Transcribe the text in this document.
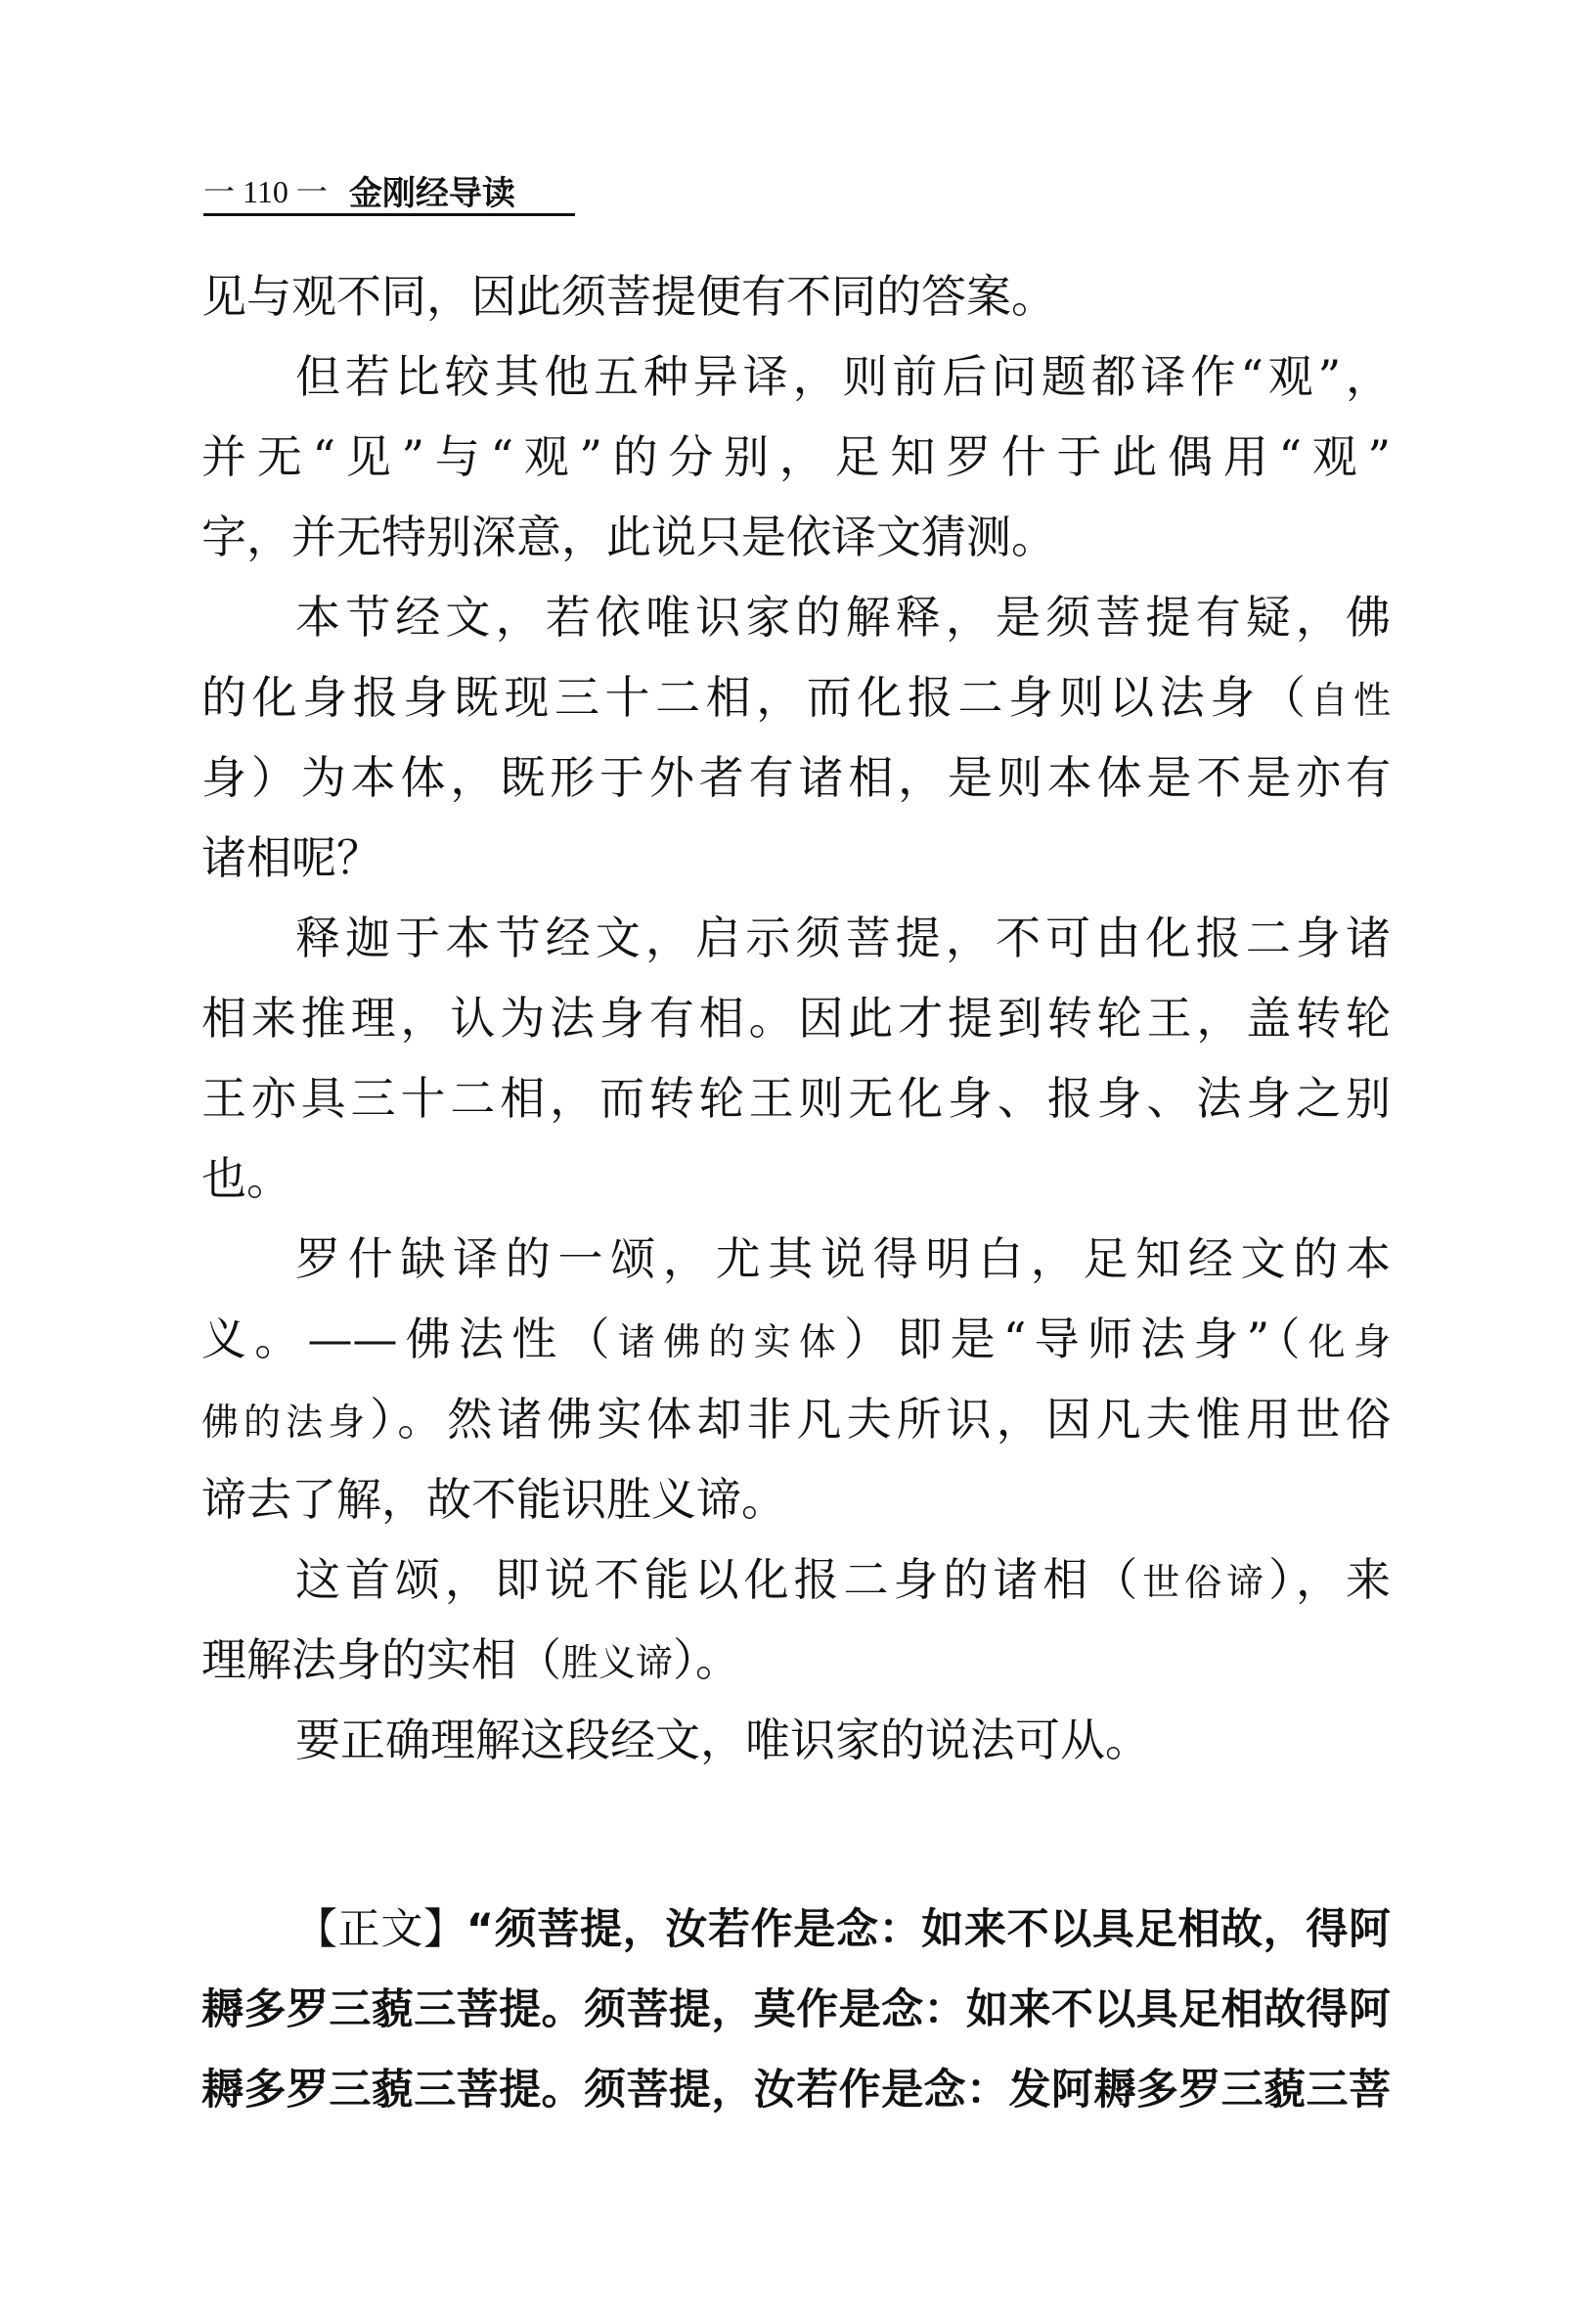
一 110 一 金刚经导读
见与观不同，因此须菩提便有不同的答案。
但若比较其他五种异译，则前后问题都译作“观”，
并无“见”与“观”的分别，足知罗什于此偶用“观”
字，并无特别深意，此说只是依译文猜测。
本节经文，若依唯识家的解释，是须菩提有疑，佛
的化身报身既现三十二相，而化报二身则以法身（自性
身）为本体，既形于外者有诸相，是则本体是不是亦有
诸相呢？
释迦于本节经文，启示须菩提，不可由化报二身诸
相来推理，认为法身有相。因此才提到转轮王，盖转轮
王亦具三十二相，而转轮王则无化身、报身、法身之别
也。
罗什缺译的一颂，尤其说得明白，足知经文的本
义。——佛法性（诸佛的实体）即是“导师法身”（化身
佛的法身）。然诸佛实体却非凡夫所识，因凡夫惟用世俗
谛去了解，故不能识胜义谛。
这首颂，即说不能以化报二身的诸相（世俗谛），来
理解法身的实相（胜义谛）。
要正确理解这段经文，唯识家的说法可从。
【正文】“须菩提，汝若作是念：如来不以具足相故，得阿
耨多罗三藐三菩提。须菩提，莫作是念：如来不以具足相故得阿
耨多罗三藐三菩提。须菩提，汝若作是念：发阿耨多罗三藐三菩
